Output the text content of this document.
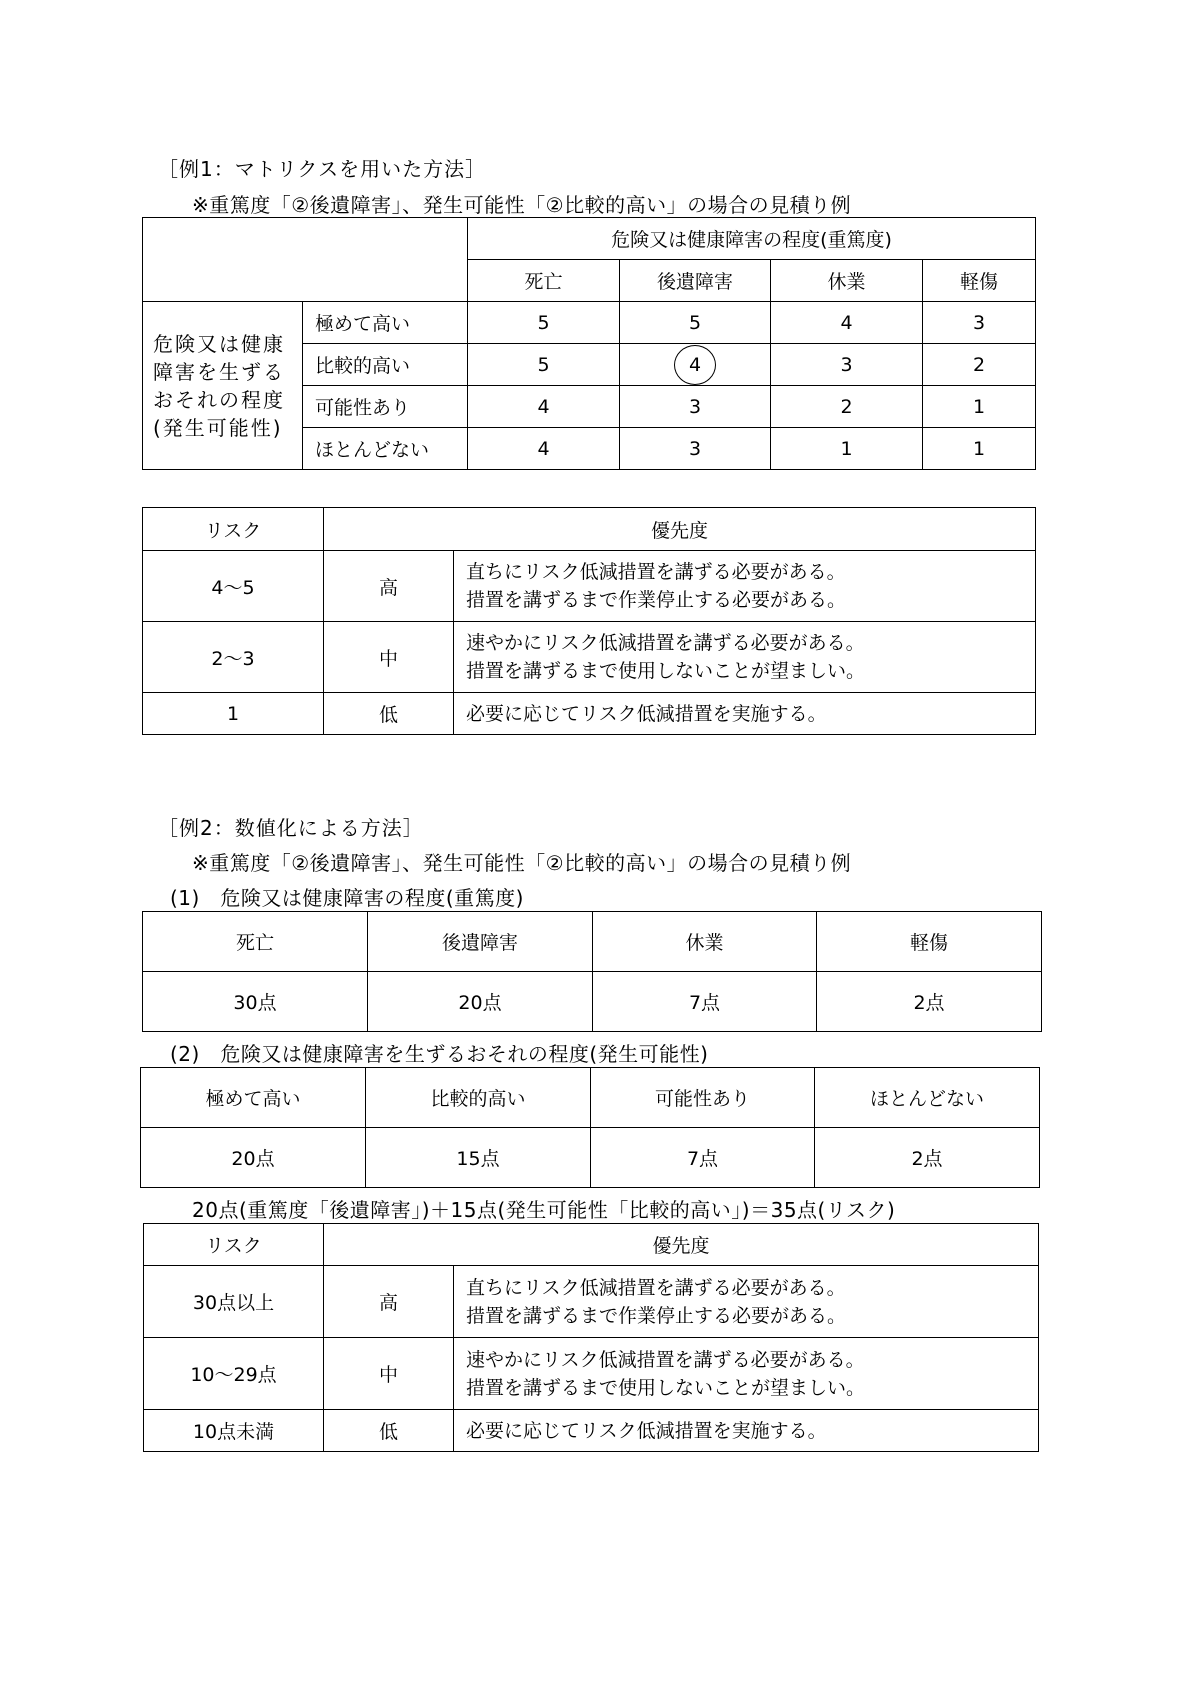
［例1：マトリクスを用いた方法］
※重篤度「②後遺障害」、発生可能性「②比較的高い」の場合の見積り例
		危険又は健康障害の程度(重篤度)			
		死亡	後遺障害	休業	軽傷

危険又は健康
障害を生ずる
おそれの程度
(発生可能性)	極めて高い	5	5	4	3
	比較的高い	5	4	3	2
	可能性あり	4	3	2	1
	ほとんどない	4	3	1	1
リスク	優先度	
4～5	高	直ちにリスク低減措置を講ずる必要がある。
措置を講ずるまで作業停止する必要がある。

2～3	中	速やかにリスク低減措置を講ずる必要がある。
措置を講ずるまで使用しないことが望ましい。

1	低	必要に応じてリスク低減措置を実施する。
［例2：数値化による方法］
※重篤度「②後遺障害」、発生可能性「②比較的高い」の場合の見積り例
(1)　危険又は健康障害の程度(重篤度)
死亡	後遺障害	休業	軽傷
30点	20点	7点	2点
(2)　危険又は健康障害を生ずるおそれの程度(発生可能性)
極めて高い	比較的高い	可能性あり	ほとんどない
20点	15点	7点	2点
20点(重篤度「後遺障害」)＋15点(発生可能性「比較的高い」)＝35点(リスク)
リスク	優先度	
30点以上	高	直ちにリスク低減措置を講ずる必要がある。
措置を講ずるまで作業停止する必要がある。

10～29点	中	速やかにリスク低減措置を講ずる必要がある。
措置を講ずるまで使用しないことが望ましい。

10点未満	低	必要に応じてリスク低減措置を実施する。
